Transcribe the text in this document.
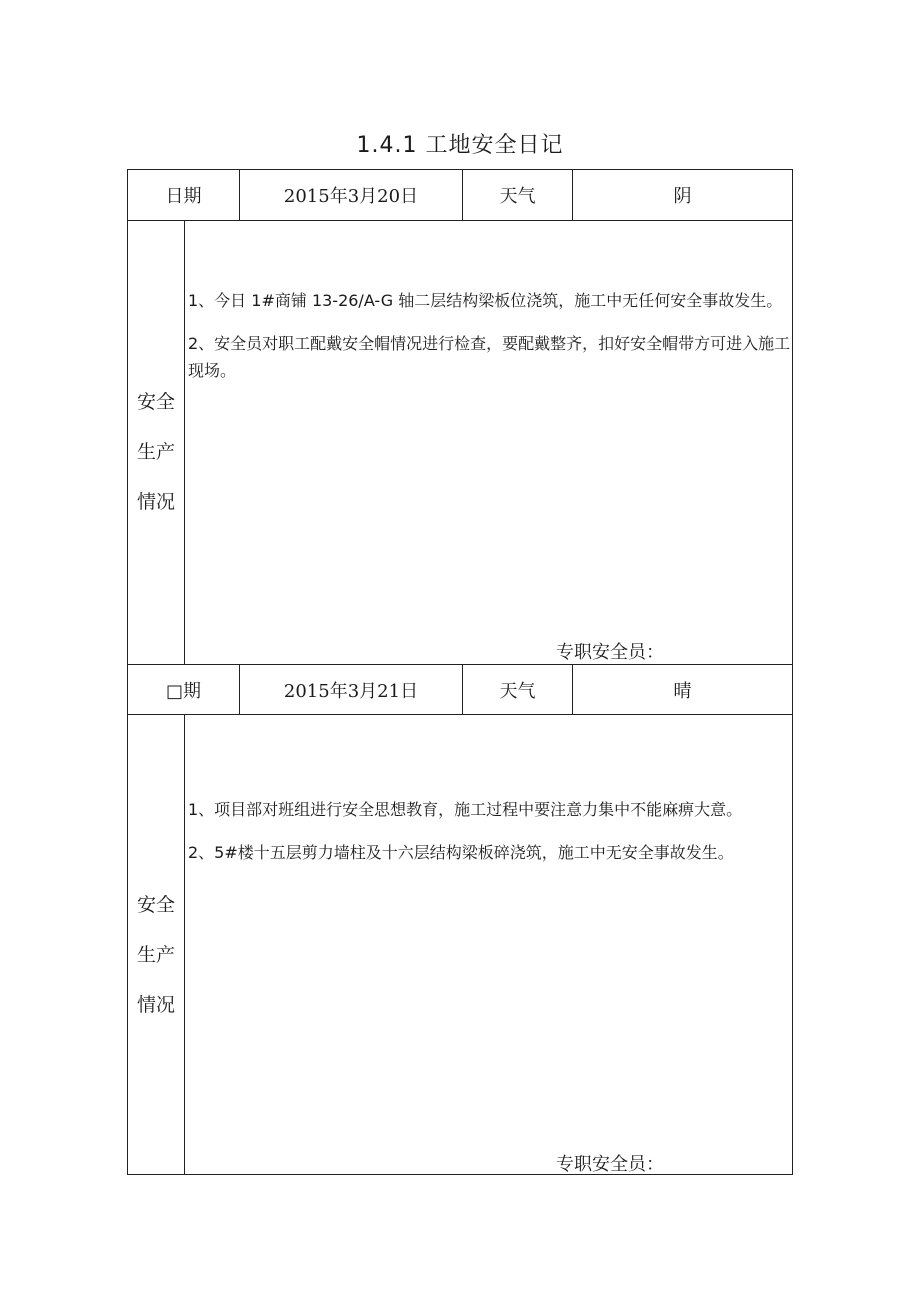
1.4.1 工地安全日记
日期	2015年3月20日	天气	阴
安全
生产
情况

1、今日 1#商铺 13-26/A-G 轴二层结构梁板位浇筑，施工中无任何安全事故发生。

2、安全员对职工配戴安全帽情况进行检查，要配戴整齐，扣好安全帽带方可进入施工现场。

专职安全员：
□期	2015年3月21日	天气	晴
安全
生产
情况

1、项目部对班组进行安全思想教育，施工过程中要注意力集中不能麻痹大意。

2、5#楼十五层剪力墙柱及十六层结构梁板碎浇筑，施工中无安全事故发生。

专职安全员：
